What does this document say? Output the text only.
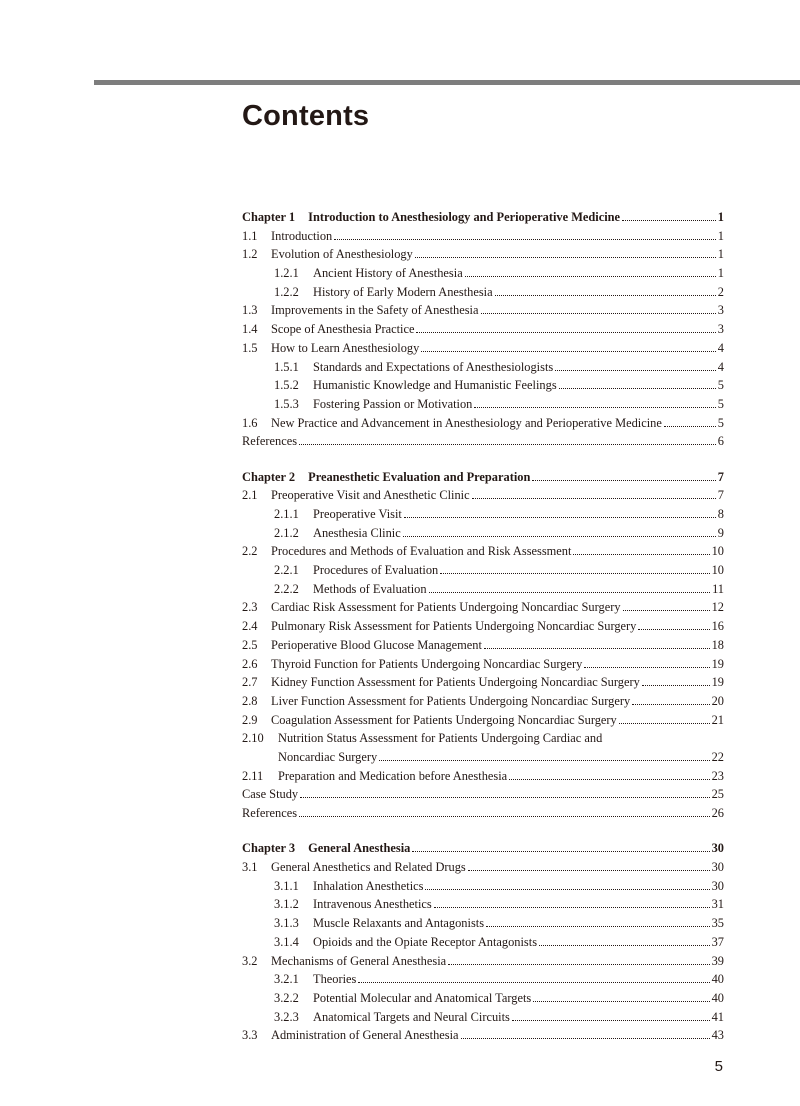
Contents
Chapter 1 Introduction to Anesthesiology and Perioperative Medicine	1
1.1	Introduction	1
1.2	Evolution of Anesthesiology	1
1.2.1	Ancient History of Anesthesia	1
1.2.2	History of Early Modern Anesthesia	2
1.3	Improvements in the Safety of Anesthesia	3
1.4	Scope of Anesthesia Practice	3
1.5	How to Learn Anesthesiology	4
1.5.1	Standards and Expectations of Anesthesiologists	4
1.5.2	Humanistic Knowledge and Humanistic Feelings	5
1.5.3	Fostering Passion or Motivation	5
1.6	New Practice and Advancement in Anesthesiology and Perioperative Medicine	5
References	6
Chapter 2 Preanesthetic Evaluation and Preparation	7
2.1	Preoperative Visit and Anesthetic Clinic	7
2.1.1	Preoperative Visit	8
2.1.2	Anesthesia Clinic	9
2.2	Procedures and Methods of Evaluation and Risk Assessment	10
2.2.1	Procedures of Evaluation	10
2.2.2	Methods of Evaluation	11
2.3	Cardiac Risk Assessment for Patients Undergoing Noncardiac Surgery	12
2.4	Pulmonary Risk Assessment for Patients Undergoing Noncardiac Surgery	16
2.5	Perioperative Blood Glucose Management	18
2.6	Thyroid Function for Patients Undergoing Noncardiac Surgery	19
2.7	Kidney Function Assessment for Patients Undergoing Noncardiac Surgery	19
2.8	Liver Function Assessment for Patients Undergoing Noncardiac Surgery	20
2.9	Coagulation Assessment for Patients Undergoing Noncardiac Surgery	21
2.10	Nutrition Status Assessment for Patients Undergoing Cardiac and
Noncardiac Surgery	22
2.11	Preparation and Medication before Anesthesia	23
Case Study	25
References	26
Chapter 3 General Anesthesia	30
3.1	General Anesthetics and Related Drugs	30
3.1.1	Inhalation Anesthetics	30
3.1.2	Intravenous Anesthetics	31
3.1.3	Muscle Relaxants and Antagonists	35
3.1.4	Opioids and the Opiate Receptor Antagonists	37
3.2	Mechanisms of General Anesthesia	39
3.2.1	Theories	40
3.2.2	Potential Molecular and Anatomical Targets	40
3.2.3	Anatomical Targets and Neural Circuits	41
3.3	Administration of General Anesthesia	43
5
